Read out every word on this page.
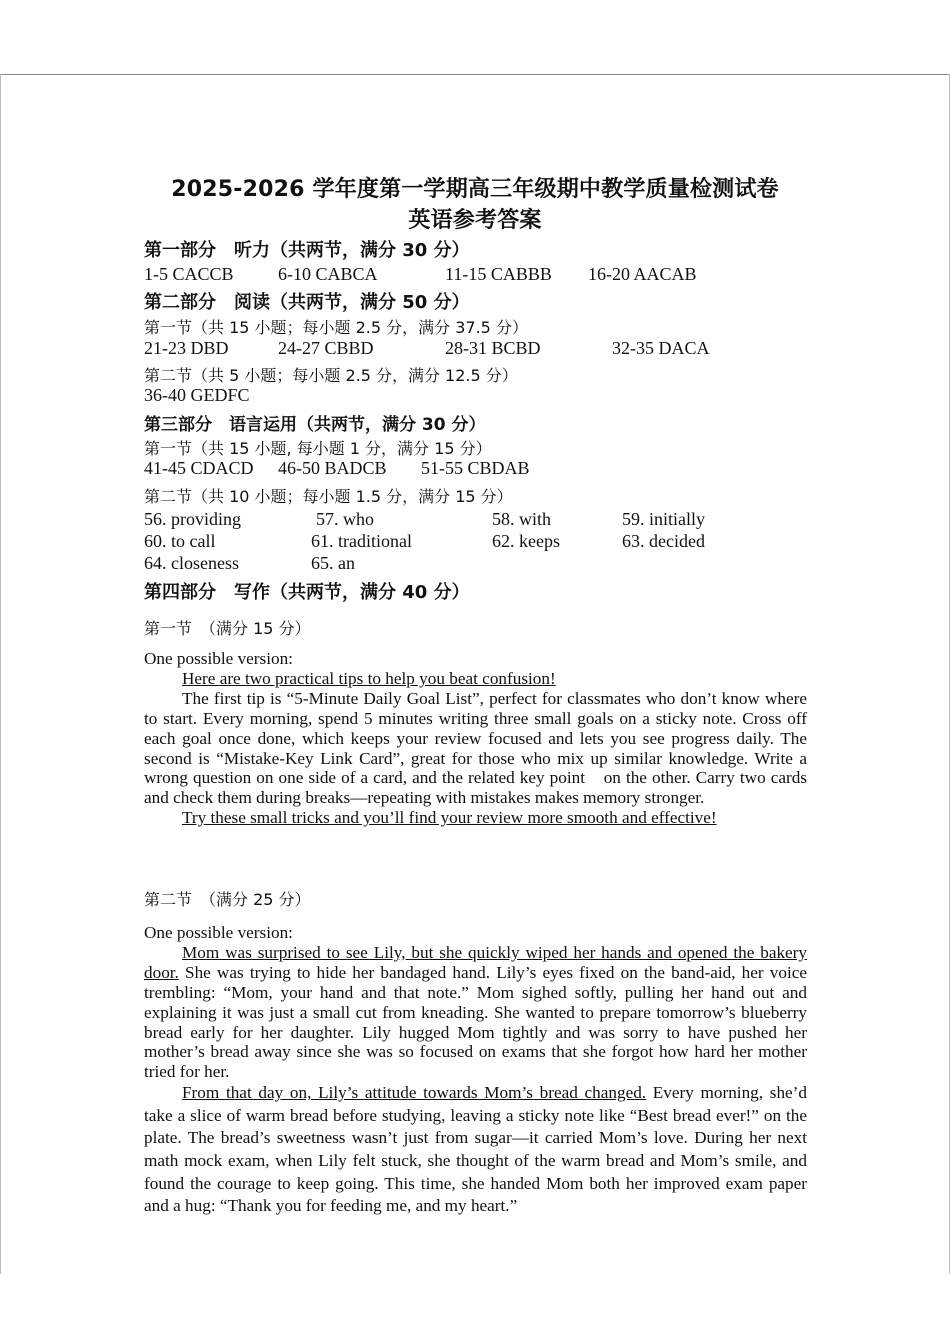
2025-2026 学年度第一学期高三年级期中教学质量检测试卷
英语参考答案
第一部分　听力（共两节，满分 30 分）
1-5 CACCB 6-10 CABCA	11-15 CABBB 16-20 AACAB
第二部分　阅读（共两节，满分 50 分）
第一节（共 15 小题；每小题 2.5 分，满分 37.5 分）
21-23 DBD	24-27 CBBD	28-31 BCBD	32-35 DACA
第二节（共 5 小题；每小题 2.5 分，满分 12.5 分）
36-40 GEDFC
第三部分　语言运用（共两节，满分 30 分）
第一节（共 15 小题, 每小题 1 分，满分 15 分）
41-45 CDACD 46-50 BADCB 51-55 CBDAB
第二节（共 10 小题；每小题 1.5 分，满分 15 分）
56. providing	57. who	58. with	59. initially
60. to call	61. traditional	62. keeps	63. decided
64. closeness	65. an
第四部分　写作（共两节，满分 40 分）
第一节　（满分 15 分）

One possible version:

Here are two practical tips to help you beat confusion!

The first tip is “5-Minute Daily Goal List”, perfect for classmates who don’t know where to start. Every morning, spend 5 minutes writing three small goals on a sticky note. Cross off each goal once done, which keeps your review focused and lets you see progress daily. The second is “Mistake-Key Link Card”, great for those who mix up similar knowledge. Write a wrong question on one side of a card, and the related key point　on the other. Carry two cards and check them during breaks—repeating with mistakes makes memory stronger.

Try these small tricks and you’ll find your review more smooth and effective!

第二节　（满分 25 分）

One possible version:

Mom was surprised to see Lily, but she quickly wiped her hands and opened the bakery door. She was trying to hide her bandaged hand. Lily’s eyes fixed on the band-aid, her voice trembling: “Mom, your hand and that note.” Mom sighed softly, pulling her hand out and explaining it was just a small cut from kneading. She wanted to prepare tomorrow’s blueberry bread early for her daughter. Lily hugged Mom tightly and was sorry to have pushed her mother’s bread away since she was so focused on exams that she forgot how hard her mother tried for her.

From that day on, Lily’s attitude towards Mom’s bread changed. Every morning, she’d take a slice of warm bread before studying, leaving a sticky note like “Best bread ever!” on the plate. The bread’s sweetness wasn’t just from sugar—it carried Mom’s love. During her next math mock exam, when Lily felt stuck, she thought of the warm bread and Mom’s smile, and found the courage to keep going. This time, she handed Mom both her improved exam paper and a hug: “Thank you for feeding me, and my heart.”
